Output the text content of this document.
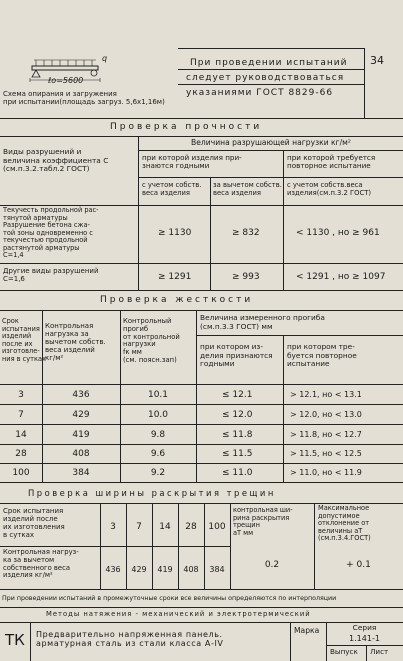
ℓо=5600
q
Схема опирания и загружения
при испытании(площадь загруз. 5,6х1,16м)
При проведении испытаний
следует руководствоваться
указаниями ГОСТ 8829-66
34
Проверка прочности
Виды разрушений и
величина коэффициента С
(см.п.3.2.табл.2 ГОСТ)
Величина разрушающей нагрузки кг/м²
при которой изделия при-
знаются годными
при которой требуется
повторное испытание
с учетом собств.
веса изделия
за вычетом собств.
веса изделия
с учетом собств.веса
изделия(см.п.3.2 ГОСТ)
Текучесть продольной рас-
тянутой арматуры
Разрушение бетона сжа-
той зоны одновременно с
текучестью продольной
растянутой арматуры
С=1,4
≥ 1130	≥ 832	< 1130 , но ≥ 961
Другие виды разрушений
С=1,6	≥ 1291	≥ 993	< 1291 , но ≥ 1097
Проверка жесткости
Срок
испытания
изделий
после их
изготовле-
ния в сутках
Контрольная
нагрузка за
вычетом собств.
веса изделий
кг/м²
Контрольный
прогиб
от контрольной
нагрузки
fк мм
(см. поясн.зап)
Величина измеренного прогиба
(см.п.3.3 ГОСТ) мм
при котором из-
делия признаются
годными
при котором тре-
буется повторное
испытание
3	436	10.1	≤ 12.1	> 12.1, но < 13.1
7	429	10.0	≤ 12.0	> 12.0, но < 13.0
14	419	9.8	≤ 11.8	> 11.8, но < 12.7
28	408	9.6	≤ 11.5	> 11.5, но < 12.5
100	384	9.2	≤ 11.0	> 11.0, но < 11.9
Проверка ширины раскрытия трещин
Срок испытания
изделий после
их изготовления
в сутках
Контрольная нагруз-
ка за вычетом
собственного веса
изделия кг/м²
3	7	14	28	100
436	429	419	408	384
контрольная ши-
рина раскрытия
трещин
аТ мм
Максимальное
допустимое
отклонение от
величины аТ
(см.п.3.4.ГОСТ)
0.2	+ 0.1
При проведении испытаний в промежуточные сроки все величины определяются по интерполяции
Методы натяжения - механический и электротермический
ТК Предварительно напряженная панель.
арматурная сталь из стали класса А-IV
Марка	Серия
1.141-1
Выпуск Лист
